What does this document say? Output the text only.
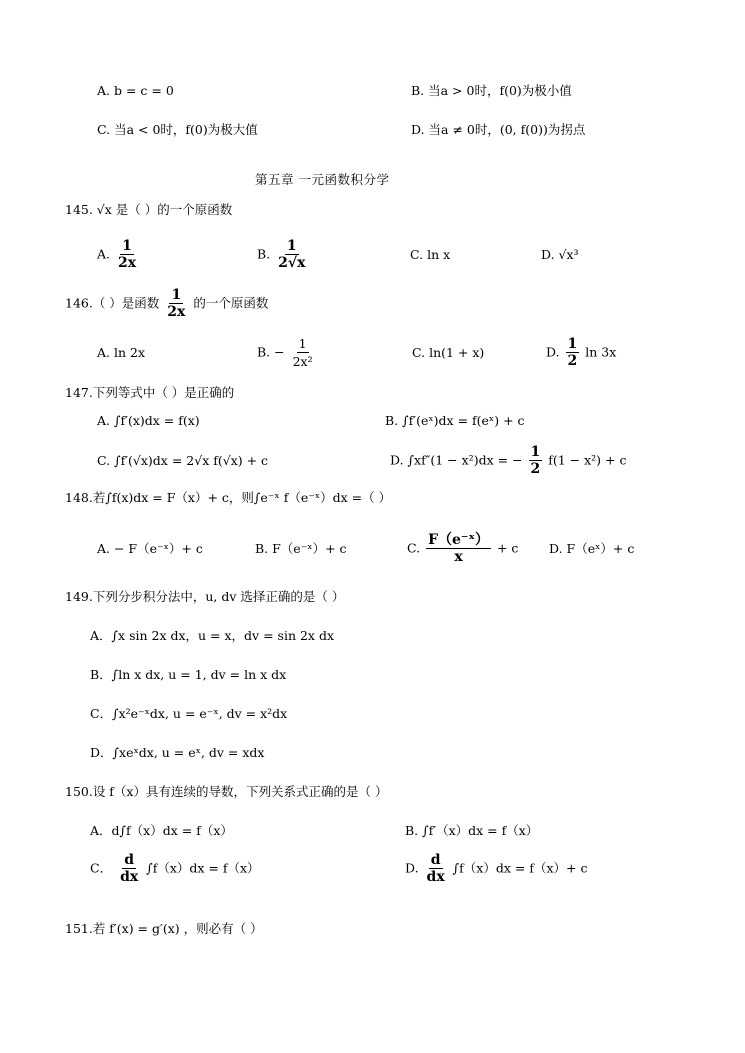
A. b = c = 0	B. 当a > 0时，f(0)为极小值
C. 当a < 0时，f(0)为极大值	D. 当a ≠ 0时，(0, f(0))为拐点
第五章 一元函数积分学
145. √x 是（ ）的一个原函数
A. $\frac{1}{2x}$	B. $\frac{1}{2√x}$	C. ln x	D. √x³
146.（ ）是函数 $\frac{1}{2x}$ 的一个原函数
A. ln 2x	B. − $\frac{1}{\text{2x²}}$	C. ln(1 + x)	D. $\frac{1}{2}$ ln 3x
147.下列等式中（ ）是正确的
A. ∫f′(x)dx = f(x)	B. ∫f′(eˣ)dx = f(eˣ) + c
C. ∫f′(√x)dx = 2√x f(√x) + c	D. ∫xf″(1 − x²)dx = − $\frac{1}{2} f(1 - x^2) + c$
148.若∫f(x)dx = F（x）+ c，则∫e⁻ˣ f（e⁻ˣ）dx =（ ）
A. − F（e⁻ˣ）+ c	B. F（e⁻ˣ）+ c	C. $\frac{\text{F（e⁻ˣ）}}{x} + c$ D. F（eˣ）+ c
149.下列分步积分法中，u, dv 选择正确的是（ ）
A．∫x sin 2x dx，u = x，dv = sin 2x dx
B．∫ln x dx, u = 1, dv = ln x dx
C．∫x²e⁻ˣdx, u = e⁻ˣ, dv = x²dx
D．∫xeˣdx, u = eˣ, dv = xdx
150.设 f（x）具有连续的导数，下列关系式正确的是（ ）
A．d∫f（x）dx = f（x）	B. ∫f′（x）dx = f（x）
C． $\frac{d}{dx} \int f(x)dx = f(x)$	D. $\frac{d}{dx} \int f(x)dx = f(x)+ c$
151.若 f′(x) = g′(x) ，则必有（ ）
